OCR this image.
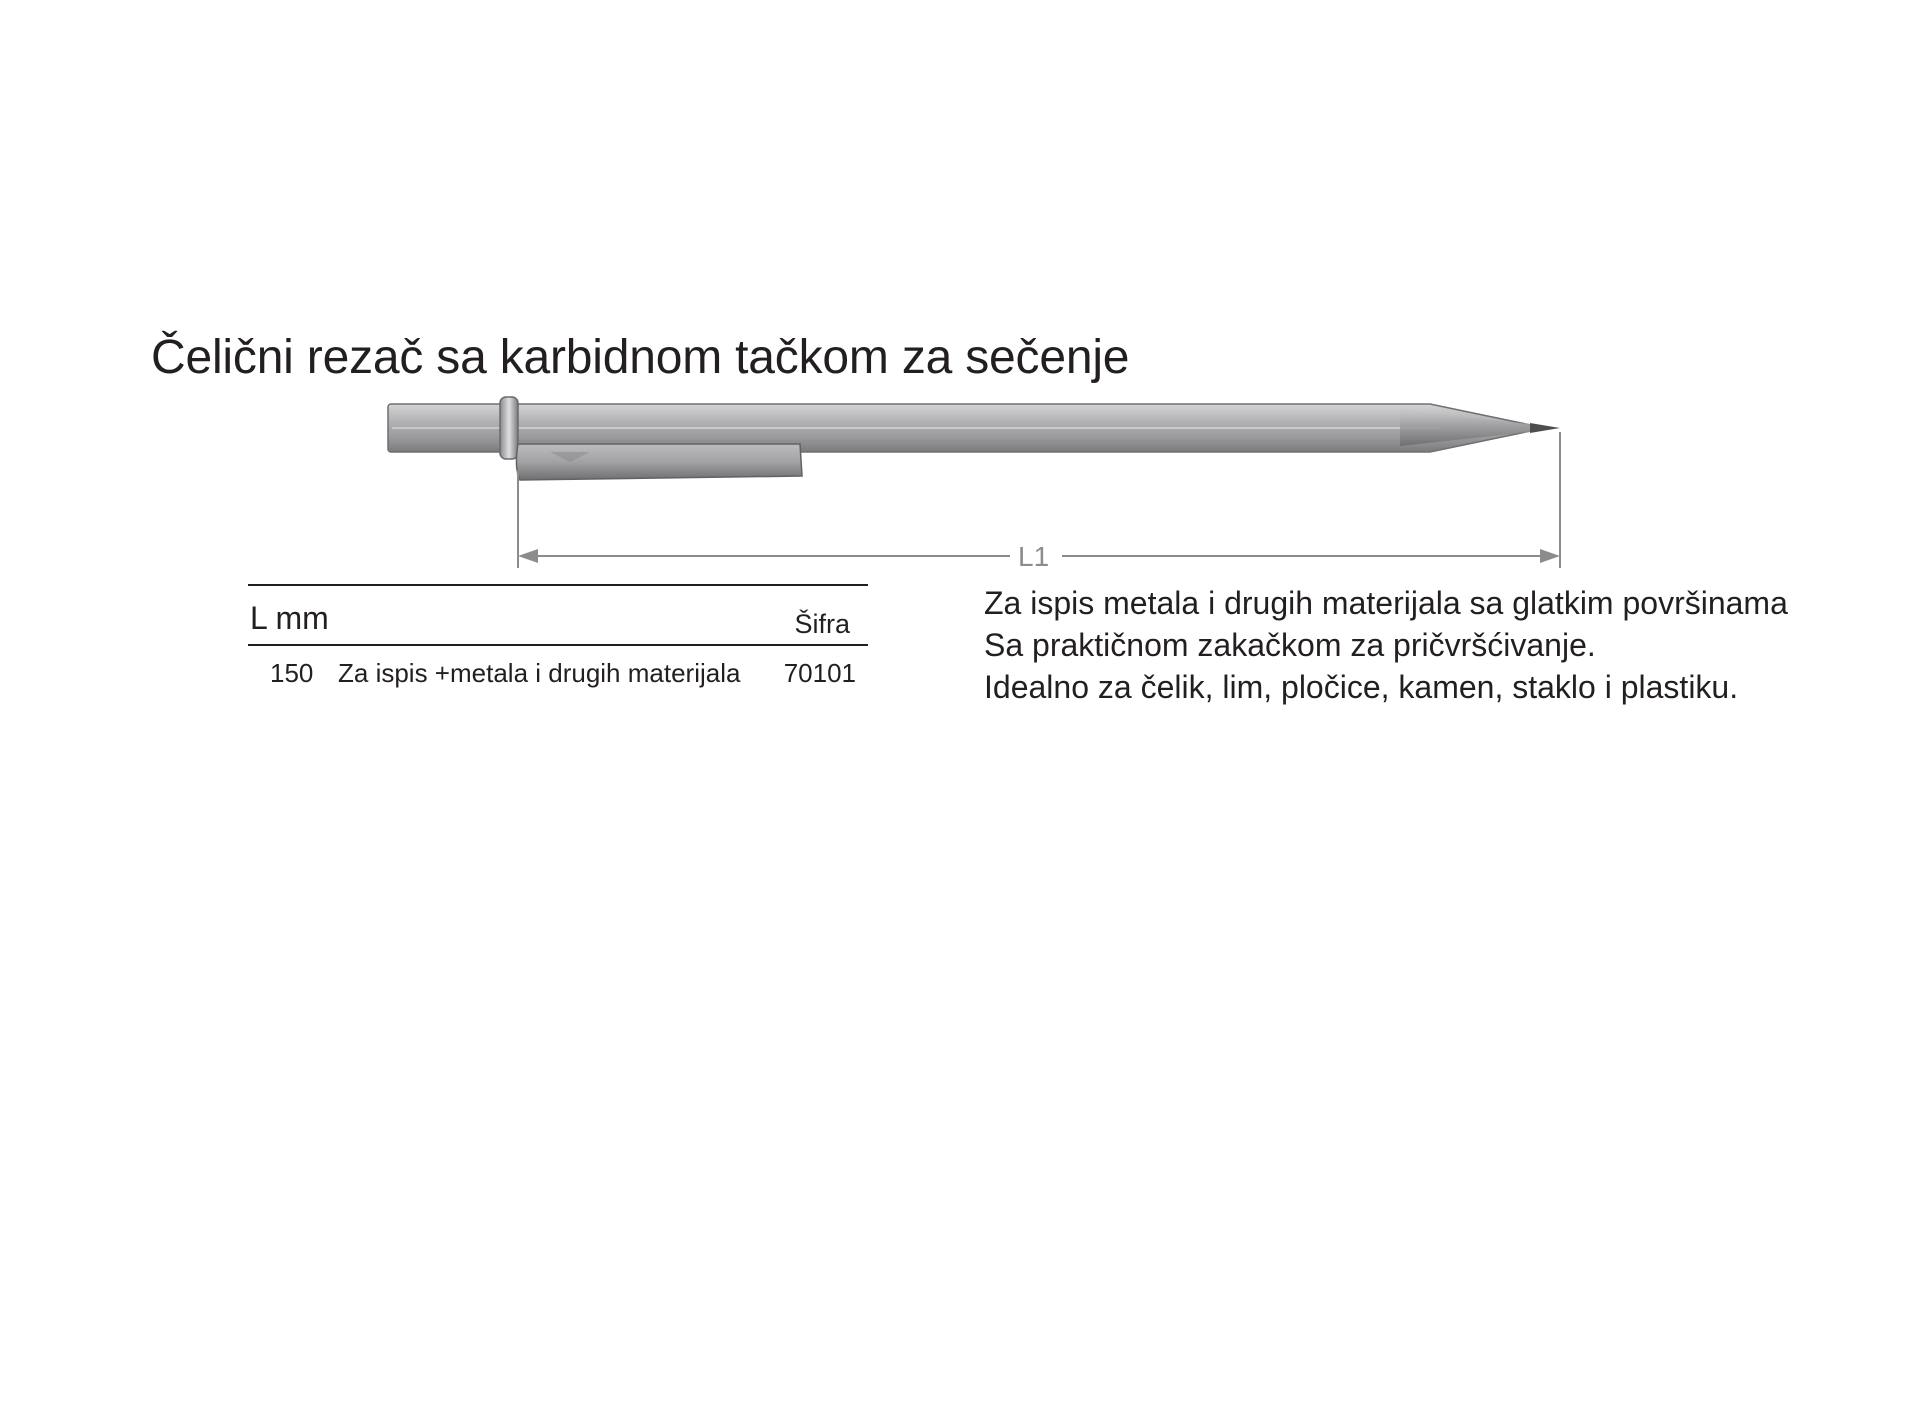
Čelični rezač sa karbidnom tačkom za sečenje
L1
L mm	Šifra
150 Za ispis +metala i drugih materijala 70101
Za ispis metala i drugih materijala sa glatkim površinama
Sa praktičnom zakačkom za pričvršćivanje.
Idealno za čelik, lim, pločice, kamen, staklo i plastiku.
